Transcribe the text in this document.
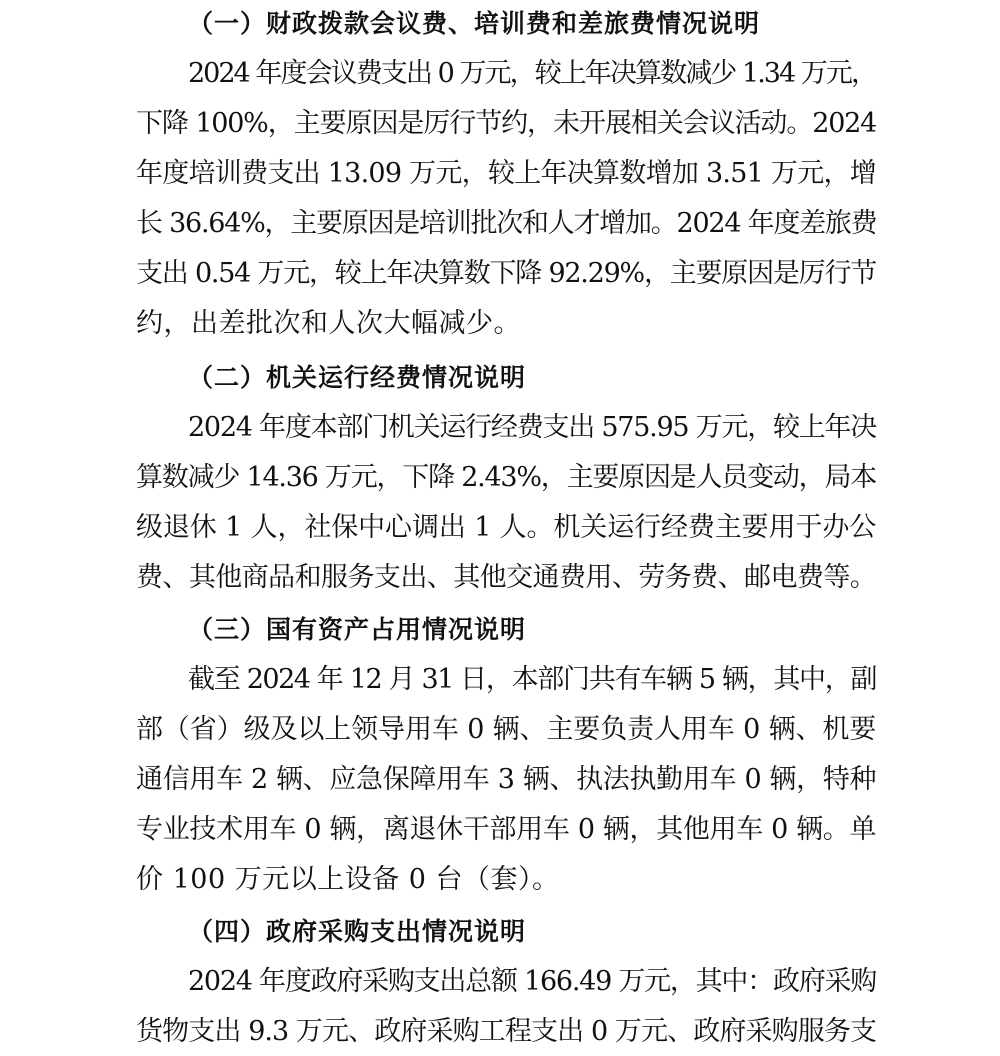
（一）财政拨款会议费、培训费和差旅费情况说明
2024 年度会议费支出 0 万元，较上年决算数减少 1.34 万元，
下降 100%，主要原因是厉行节约，未开展相关会议活动。2024
年度培训费支出 13.09 万元，较上年决算数增加 3.51 万元，增
长 36.64%，主要原因是培训批次和人才增加。2024 年度差旅费
支出 0.54 万元，较上年决算数下降 92.29%，主要原因是厉行节
约，出差批次和人次大幅减少。
（二）机关运行经费情况说明
2024 年度本部门机关运行经费支出 575.95 万元，较上年决
算数减少 14.36 万元，下降 2.43%，主要原因是人员变动，局本
级退休 1 人，社保中心调出 1 人。机关运行经费主要用于办公
费、其他商品和服务支出、其他交通费用、劳务费、邮电费等。
（三）国有资产占用情况说明
截至 2024 年 12 月 31 日，本部门共有车辆 5 辆，其中，副
部（省）级及以上领导用车 0 辆、主要负责人用车 0 辆、机要
通信用车 2 辆、应急保障用车 3 辆、执法执勤用车 0 辆，特种
专业技术用车 0 辆，离退休干部用车 0 辆，其他用车 0 辆。单
价 100 万元以上设备 0 台（套）。
（四）政府采购支出情况说明
2024 年度政府采购支出总额 166.49 万元，其中：政府采购
货物支出 9.3 万元、政府采购工程支出 0 万元、政府采购服务支
